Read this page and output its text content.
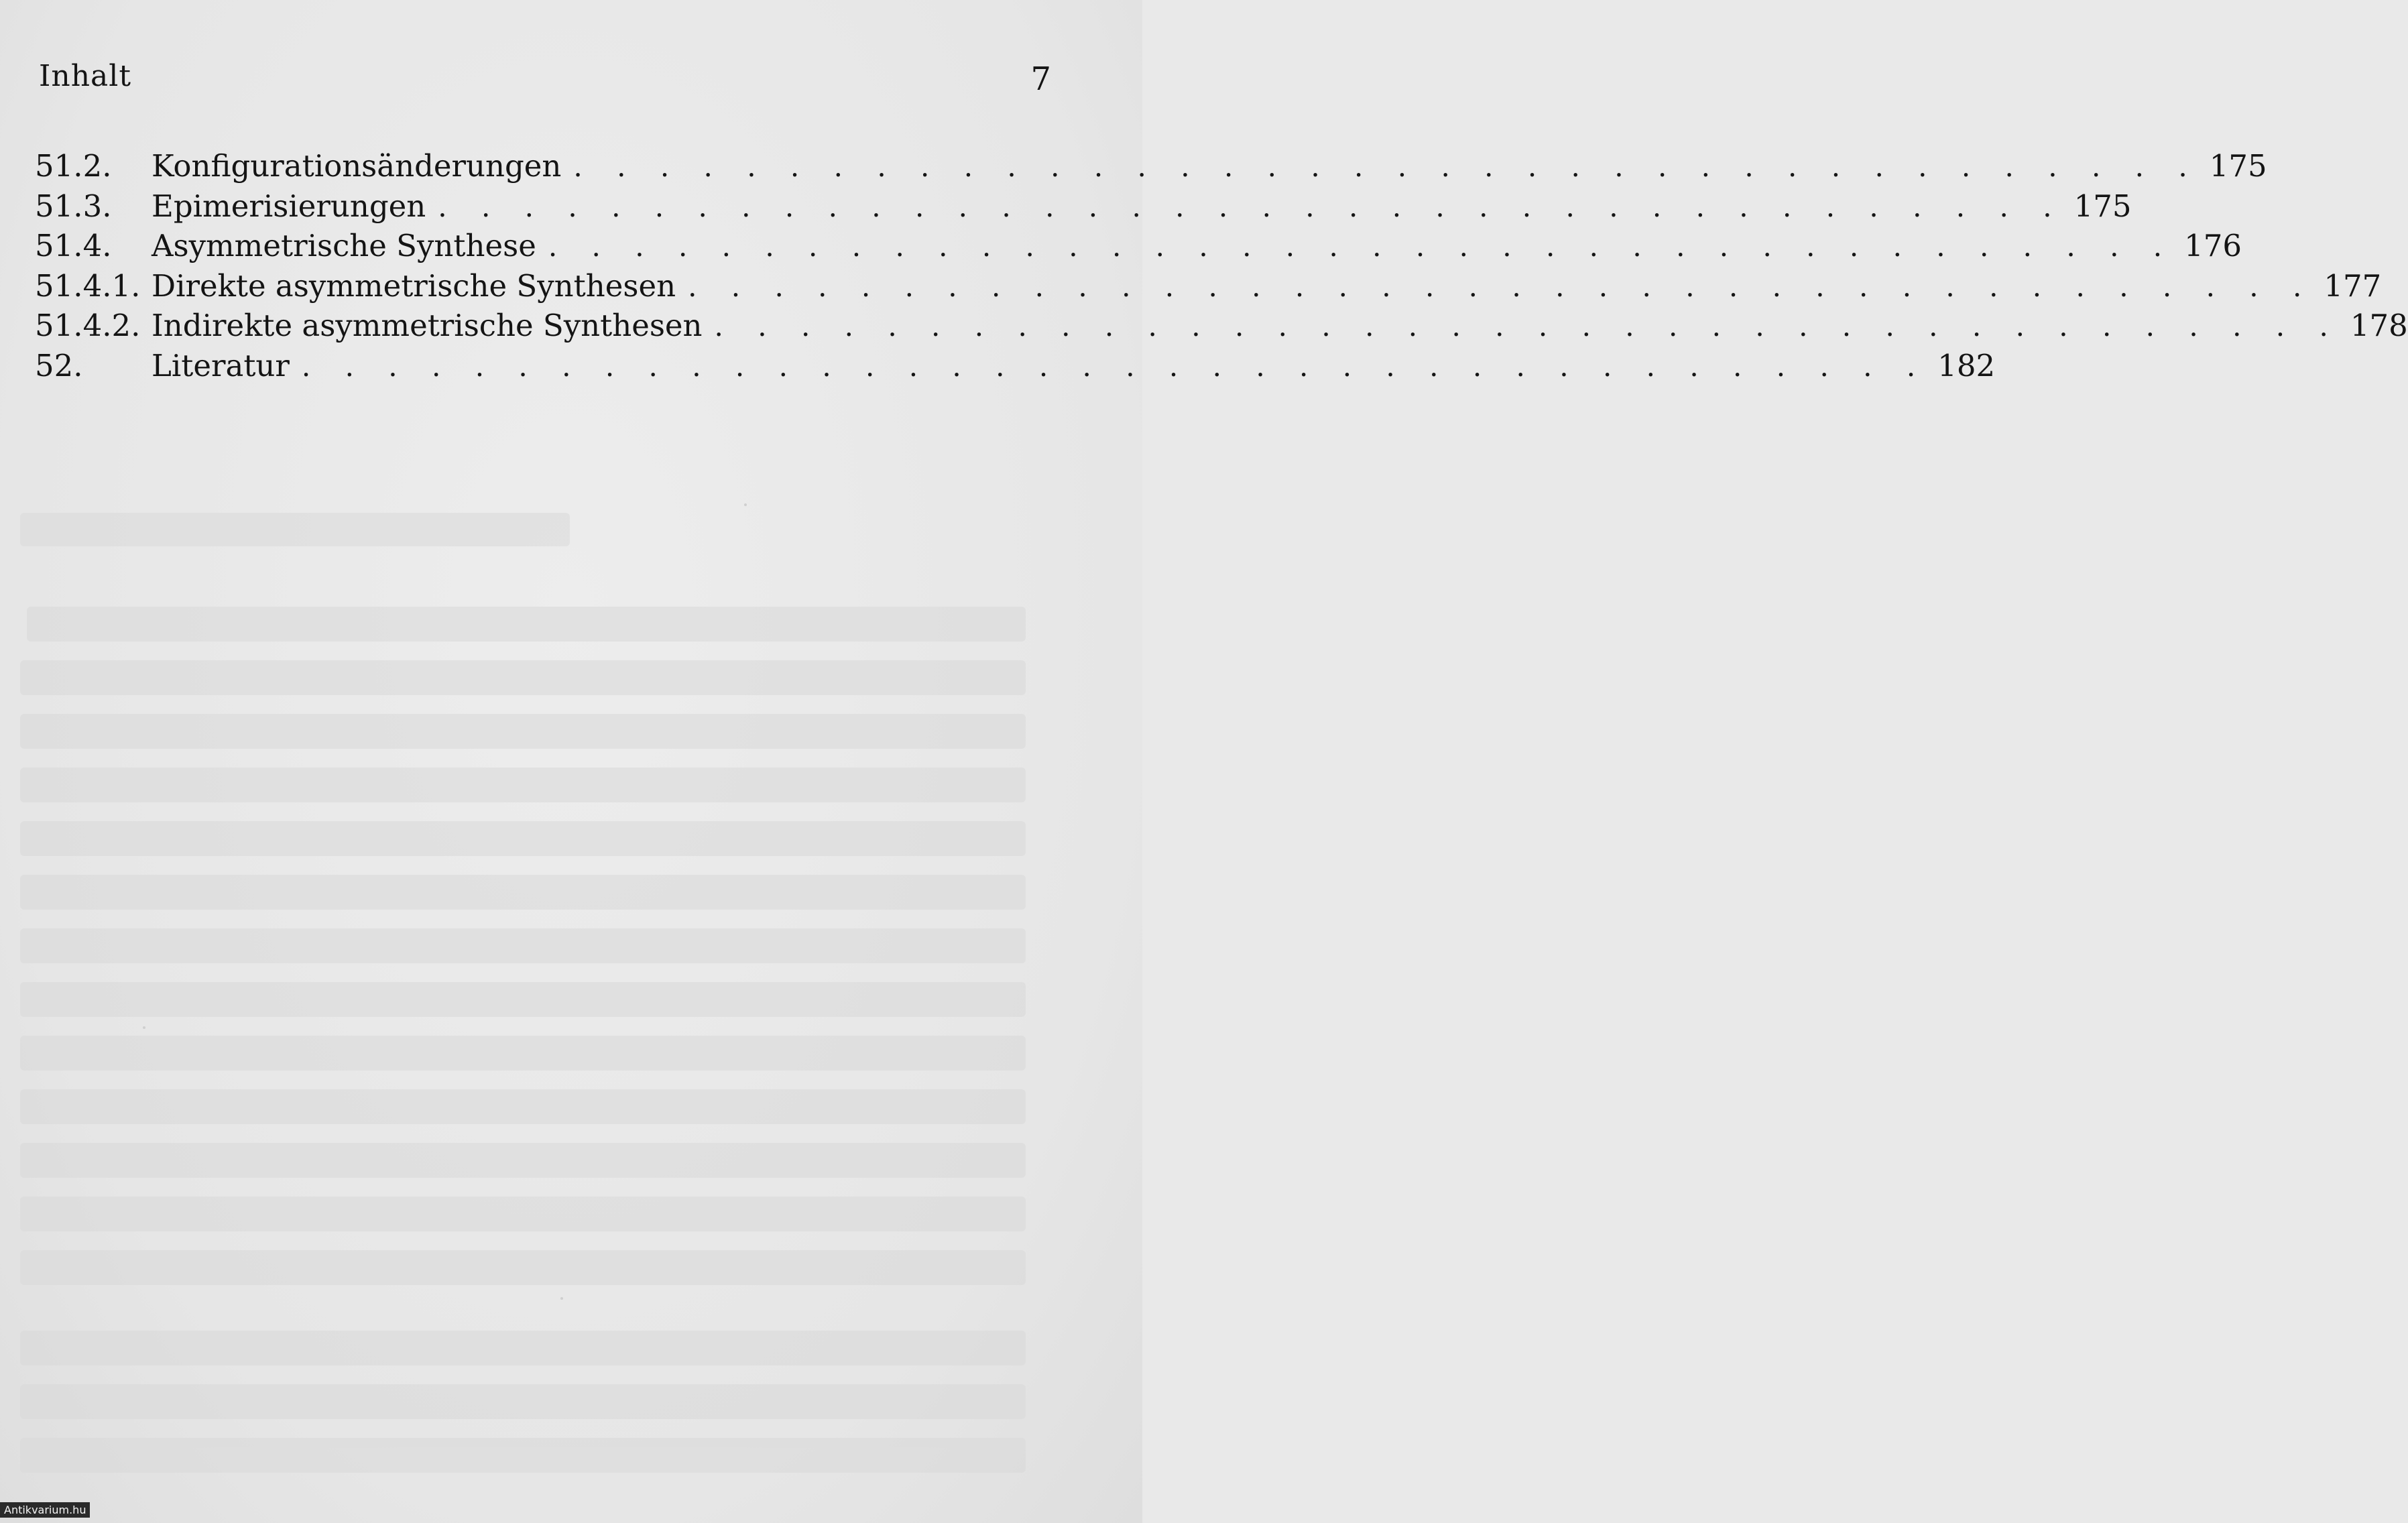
Inhalt	7
51.2. Konfigurationsänderungen . . . . . . . . . . . . . . . . . . . . . . . . . . . . . . . . . . . . . . 175
51.3. Epimerisierungen . . . . . . . . . . . . . . . . . . . . . . . . . . . . . . . . . . . . . . 175
51.4. Asymmetrische Synthese . . . . . . . . . . . . . . . . . . . . . . . . . . . . . . . . . . . . . . 176
51.4.1. Direkte asymmetrische Synthesen . . . . . . . . . . . . . . . . . . . . . . . . . . . . . . . . . . . . . . 177
51.4.2. Indirekte asymmetrische Synthesen . . . . . . . . . . . . . . . . . . . . . . . . . . . . . . . . . . . . . . 178
52. Literatur . . . . . . . . . . . . . . . . . . . . . . . . . . . . . . . . . . . . . . 182
Antikvarium.hu
